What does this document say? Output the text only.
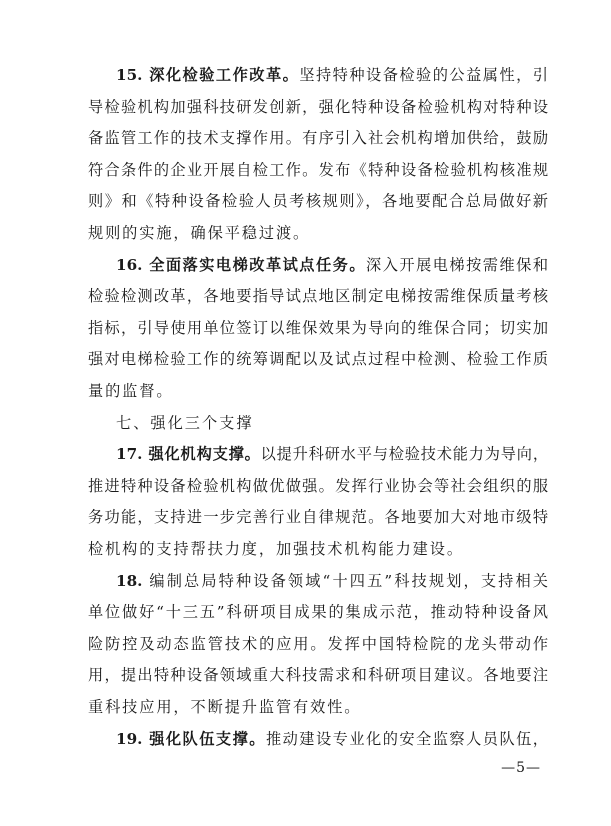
15. 深化检验工作改革。坚持特种设备检验的公益属性，引
导检验机构加强科技研发创新，强化特种设备检验机构对特种设
备监管工作的技术支撑作用。有序引入社会机构增加供给，鼓励
符合条件的企业开展自检工作。发布《特种设备检验机构核准规
则》和《特种设备检验人员考核规则》，各地要配合总局做好新
规则的实施，确保平稳过渡。
16. 全面落实电梯改革试点任务。深入开展电梯按需维保和
检验检测改革，各地要指导试点地区制定电梯按需维保质量考核
指标，引导使用单位签订以维保效果为导向的维保合同；切实加
强对电梯检验工作的统筹调配以及试点过程中检测、检验工作质
量的监督。
七、强化三个支撑
17. 强化机构支撑。以提升科研水平与检验技术能力为导向，
推进特种设备检验机构做优做强。发挥行业协会等社会组织的服
务功能，支持进一步完善行业自律规范。各地要加大对地市级特
检机构的支持帮扶力度，加强技术机构能力建设。
18. 编制总局特种设备领域“十四五”科技规划，支持相关
单位做好“十三五”科研项目成果的集成示范，推动特种设备风
险防控及动态监管技术的应用。发挥中国特检院的龙头带动作
用，提出特种设备领域重大科技需求和科研项目建议。各地要注
重科技应用，不断提升监管有效性。
19. 强化队伍支撑。推动建设专业化的安全监察人员队伍，
—5—
